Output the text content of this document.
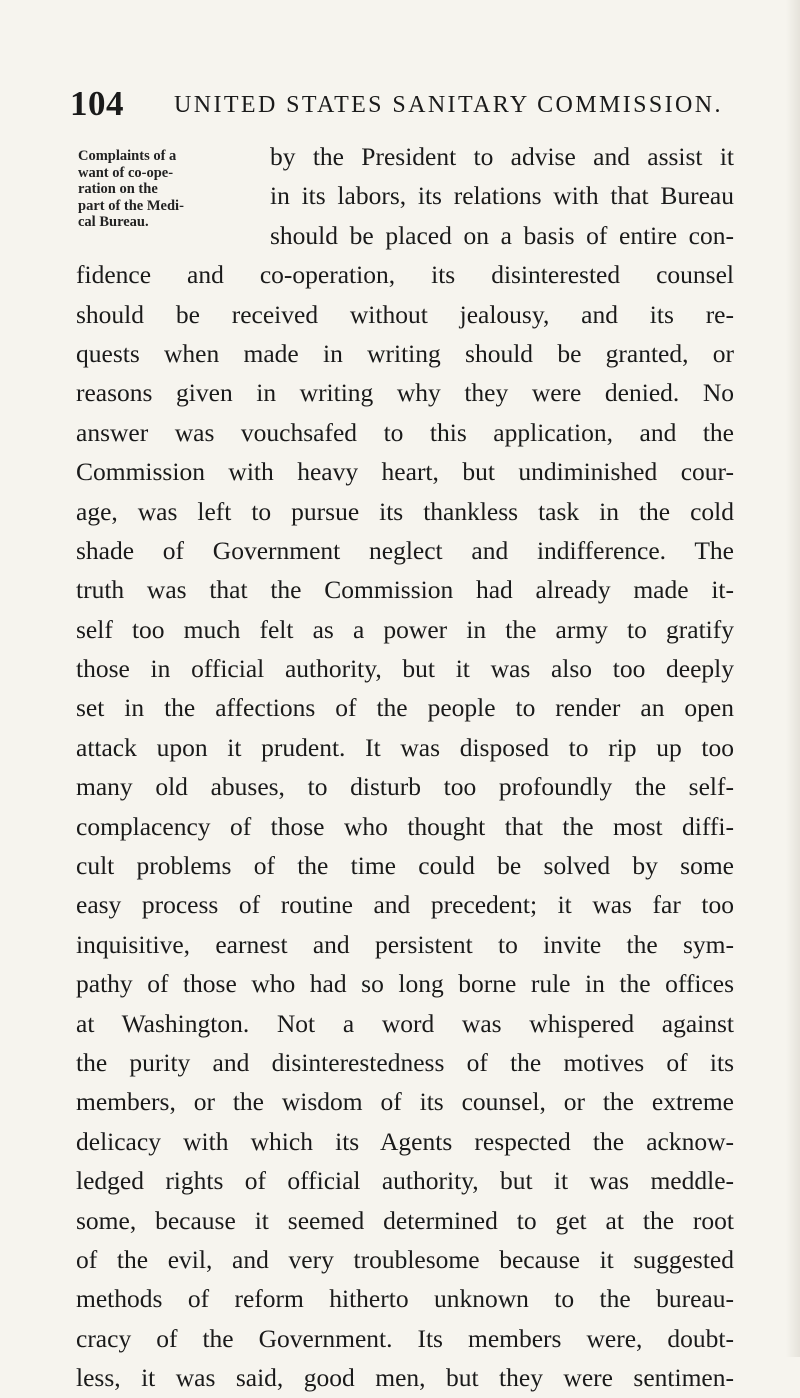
104 UNITED STATES SANITARY COMMISSION.
Complaints of a
want of co-ope-
ration on the
part of the Medi-
cal Bureau.
by the President to advise and assist it
in its labors, its relations with that Bureau
should be placed on a basis of entire con-
fidence and co-operation, its disinterested counsel
should be received without jealousy, and its re-
quests when made in writing should be granted, or
reasons given in writing why they were denied. No
answer was vouchsafed to this application, and the
Commission with heavy heart, but undiminished cour-
age, was left to pursue its thankless task in the cold
shade of Government neglect and indifference. The
truth was that the Commission had already made it-
self too much felt as a power in the army to gratify
those in official authority, but it was also too deeply
set in the affections of the people to render an open
attack upon it prudent. It was disposed to rip up too
many old abuses, to disturb too profoundly the self-
complacency of those who thought that the most diffi-
cult problems of the time could be solved by some
easy process of routine and precedent; it was far too
inquisitive, earnest and persistent to invite the sym-
pathy of those who had so long borne rule in the offices
at Washington. Not a word was whispered against
the purity and disinterestedness of the motives of its
members, or the wisdom of its counsel, or the extreme
delicacy with which its Agents respected the acknow-
ledged rights of official authority, but it was meddle-
some, because it seemed determined to get at the root
of the evil, and very troublesome because it suggested
methods of reform hitherto unknown to the bureau-
cracy of the Government. Its members were, doubt-
less, it was said, good men, but they were sentimen-
